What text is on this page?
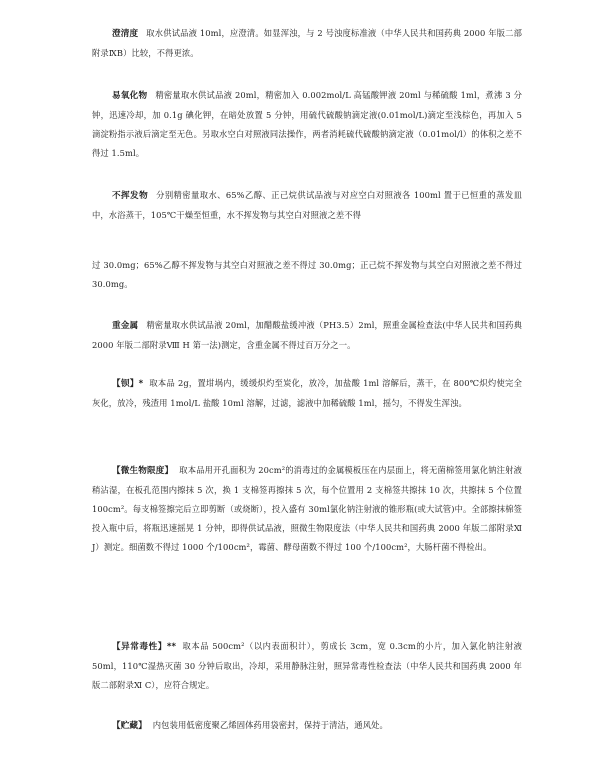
澄清度 取水供试品液 10ml，应澄清。如显浑浊，与 2 号浊度标准液（中华人民共和国药典 2000 年版二部附录ⅨB）比较，不得更浓。

易氧化物 精密量取水供试品液 20ml，精密加入 0.002mol/L 高锰酸钾液 20ml 与稀硫酸 1ml，煮沸 3 分钟，迅速冷却，加 0.1g 碘化钾，在暗处放置 5 分钟，用硫代硫酸钠滴定液(0.01mol/L)滴定至浅棕色，再加入 5 滴淀粉指示液后滴定至无色。另取水空白对照液同法操作，两者消耗硫代硫酸钠滴定液（0.01mol/l）的体积之差不得过 1.5ml。

不挥发物 分别精密量取水、65%乙醇、正己烷供试品液与对应空白对照液各 100ml 置于已恒重的蒸发皿中，水浴蒸干，105℃干燥至恒重，水不挥发物与其空白对照液之差不得

过 30.0mg；65%乙醇不挥发物与其空白对照液之差不得过 30.0mg；正己烷不挥发物与其空白对照液之差不得过 30.0mg。

重金属 精密量取水供试品液 20ml，加醋酸盐缓冲液（PH3.5）2ml，照重金属检查法(中华人民共和国药典 2000 年版二部附录Ⅷ H 第一法)测定，含重金属不得过百万分之一。

【钡】* 取本品 2g，置坩埚内，缓缓炽灼至炭化，放冷，加盐酸 1ml 溶解后，蒸干，在 800℃炽灼使完全灰化，放冷，残渣用 1mol/L 盐酸 10ml 溶解，过滤，滤液中加稀硫酸 1ml，摇匀，不得发生浑浊。

【微生物限度】 取本品用开孔面积为 20cm²的消毒过的金属模板压在内层面上，将无菌棉签用氯化钠注射液稍沾湿，在板孔范围内擦抹 5 次，换 1 支棉签再擦抹 5 次，每个位置用 2 支棉签共擦抹 10 次，共擦抹 5 个位置 100cm²。每支棉签擦完后立即剪断（或烧断），投入盛有 30ml氯化钠注射液的锥形瓶(或大试管)中。全部擦抹棉签投入瓶中后，将瓶迅速摇晃 1 分钟，即得供试品液，照微生物限度法（中华人民共和国药典 2000 年版二部附录Ⅺ J）测定。细菌数不得过 1000 个/100cm²，霉菌、酵母菌数不得过 100 个/100cm²，大肠杆菌不得检出。

【异常毒性】** 取本品 500cm²（以内表面积计），剪成长 3cm，宽 0.3cm的小片，加入氯化钠注射液 50ml，110℃湿热灭菌 30 分钟后取出，冷却，采用静脉注射，照异常毒性检查法（中华人民共和国药典 2000 年版二部附录Ⅺ C），应符合规定。

【贮藏】 内包装用低密度聚乙烯固体药用袋密封，保持于清洁，通风处。
